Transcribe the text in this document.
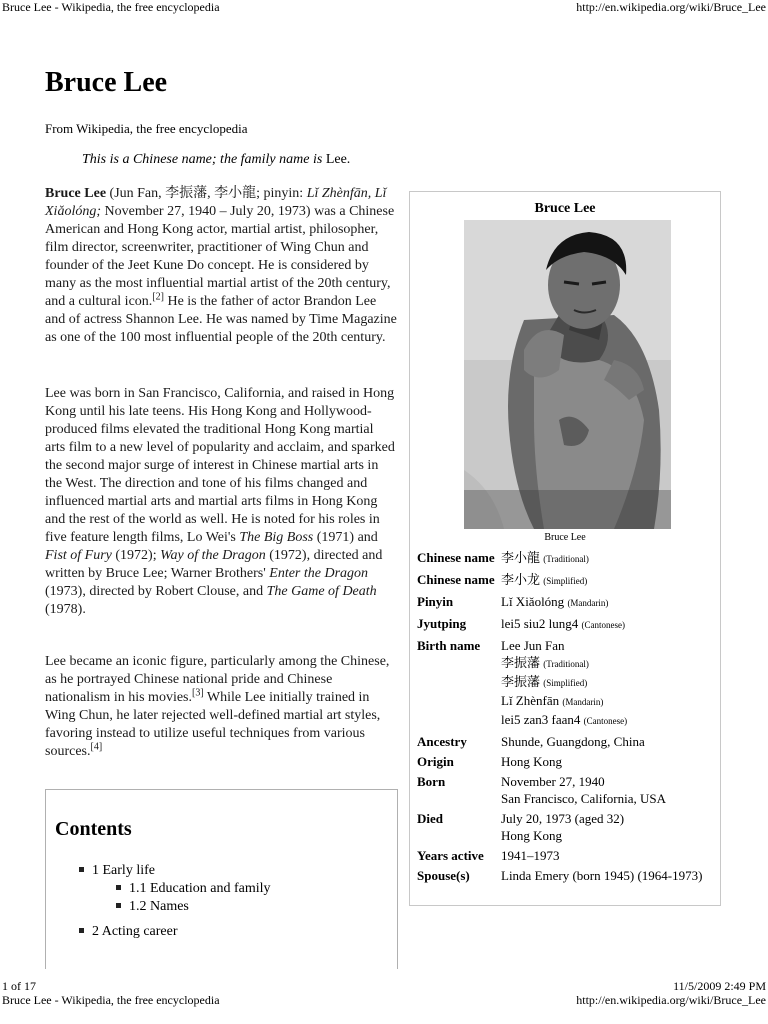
Bruce Lee - Wikipedia, the free encyclopedia	http://en.wikipedia.org/wiki/Bruce_Lee
Bruce Lee
From Wikipedia, the free encyclopedia
This is a Chinese name; the family name is Lee.

Bruce Lee (Jun Fan, 李振藩, 李小龍; pinyin: Lǐ Zhènfān, Lǐ Xiǎolóng; November 27, 1940 – July 20, 1973) was a Chinese American and Hong Kong actor, martial artist, philosopher, film director, screenwriter, practitioner of Wing Chun and founder of the Jeet Kune Do concept. He is considered by many as the most influential martial artist of the 20th century, and a cultural icon.[2] He is the father of actor Brandon Lee and of actress Shannon Lee. He was named by Time Magazine as one of the 100 most influential people of the 20th century.

Lee was born in San Francisco, California, and raised in Hong Kong until his late teens. His Hong Kong and Hollywood-produced films elevated the traditional Hong Kong martial arts film to a new level of popularity and acclaim, and sparked the second major surge of interest in Chinese martial arts in the West. The direction and tone of his films changed and influenced martial arts and martial arts films in Hong Kong and the rest of the world as well. He is noted for his roles in five feature length films, Lo Wei's The Big Boss (1971) and Fist of Fury (1972); Way of the Dragon (1972), directed and written by Bruce Lee; Warner Brothers' Enter the Dragon (1973), directed by Robert Clouse, and The Game of Death (1978).

Lee became an iconic figure, particularly among the Chinese, as he portrayed Chinese national pride and Chinese nationalism in his movies.[3] While Lee initially trained in Wing Chun, he later rejected well-defined martial art styles, favoring instead to utilize useful techniques from various sources.[4]

Bruce Lee
Bruce Lee
Chinese name	李小龍 (Traditional)
Chinese name	李小龙 (Simplified)
Pinyin	Lǐ Xiǎolóng (Mandarin)
Jyutping	lei5 siu2 lung4 (Cantonese)
Birth name	Lee Jun Fan
李振藩 (Traditional)
李振藩 (Simplified)
Lǐ Zhènfān (Mandarin)
lei5 zan3 faan4 (Cantonese)

Ancestry	Shunde, Guangdong, China
Origin	Hong Kong
Born	November 27, 1940
San Francisco, California, USA

Died	July 20, 1973 (aged 32)
Hong Kong

Years active	1941–1973
Spouse(s)	Linda Emery (born 1945) (1964-1973)
Contents
1 Early life
1.1 Education and family
1.2 Names
2 Acting career
1 of 17	11/5/2009 2:49 PM
Bruce Lee - Wikipedia, the free encyclopedia	http://en.wikipedia.org/wiki/Bruce_Lee
